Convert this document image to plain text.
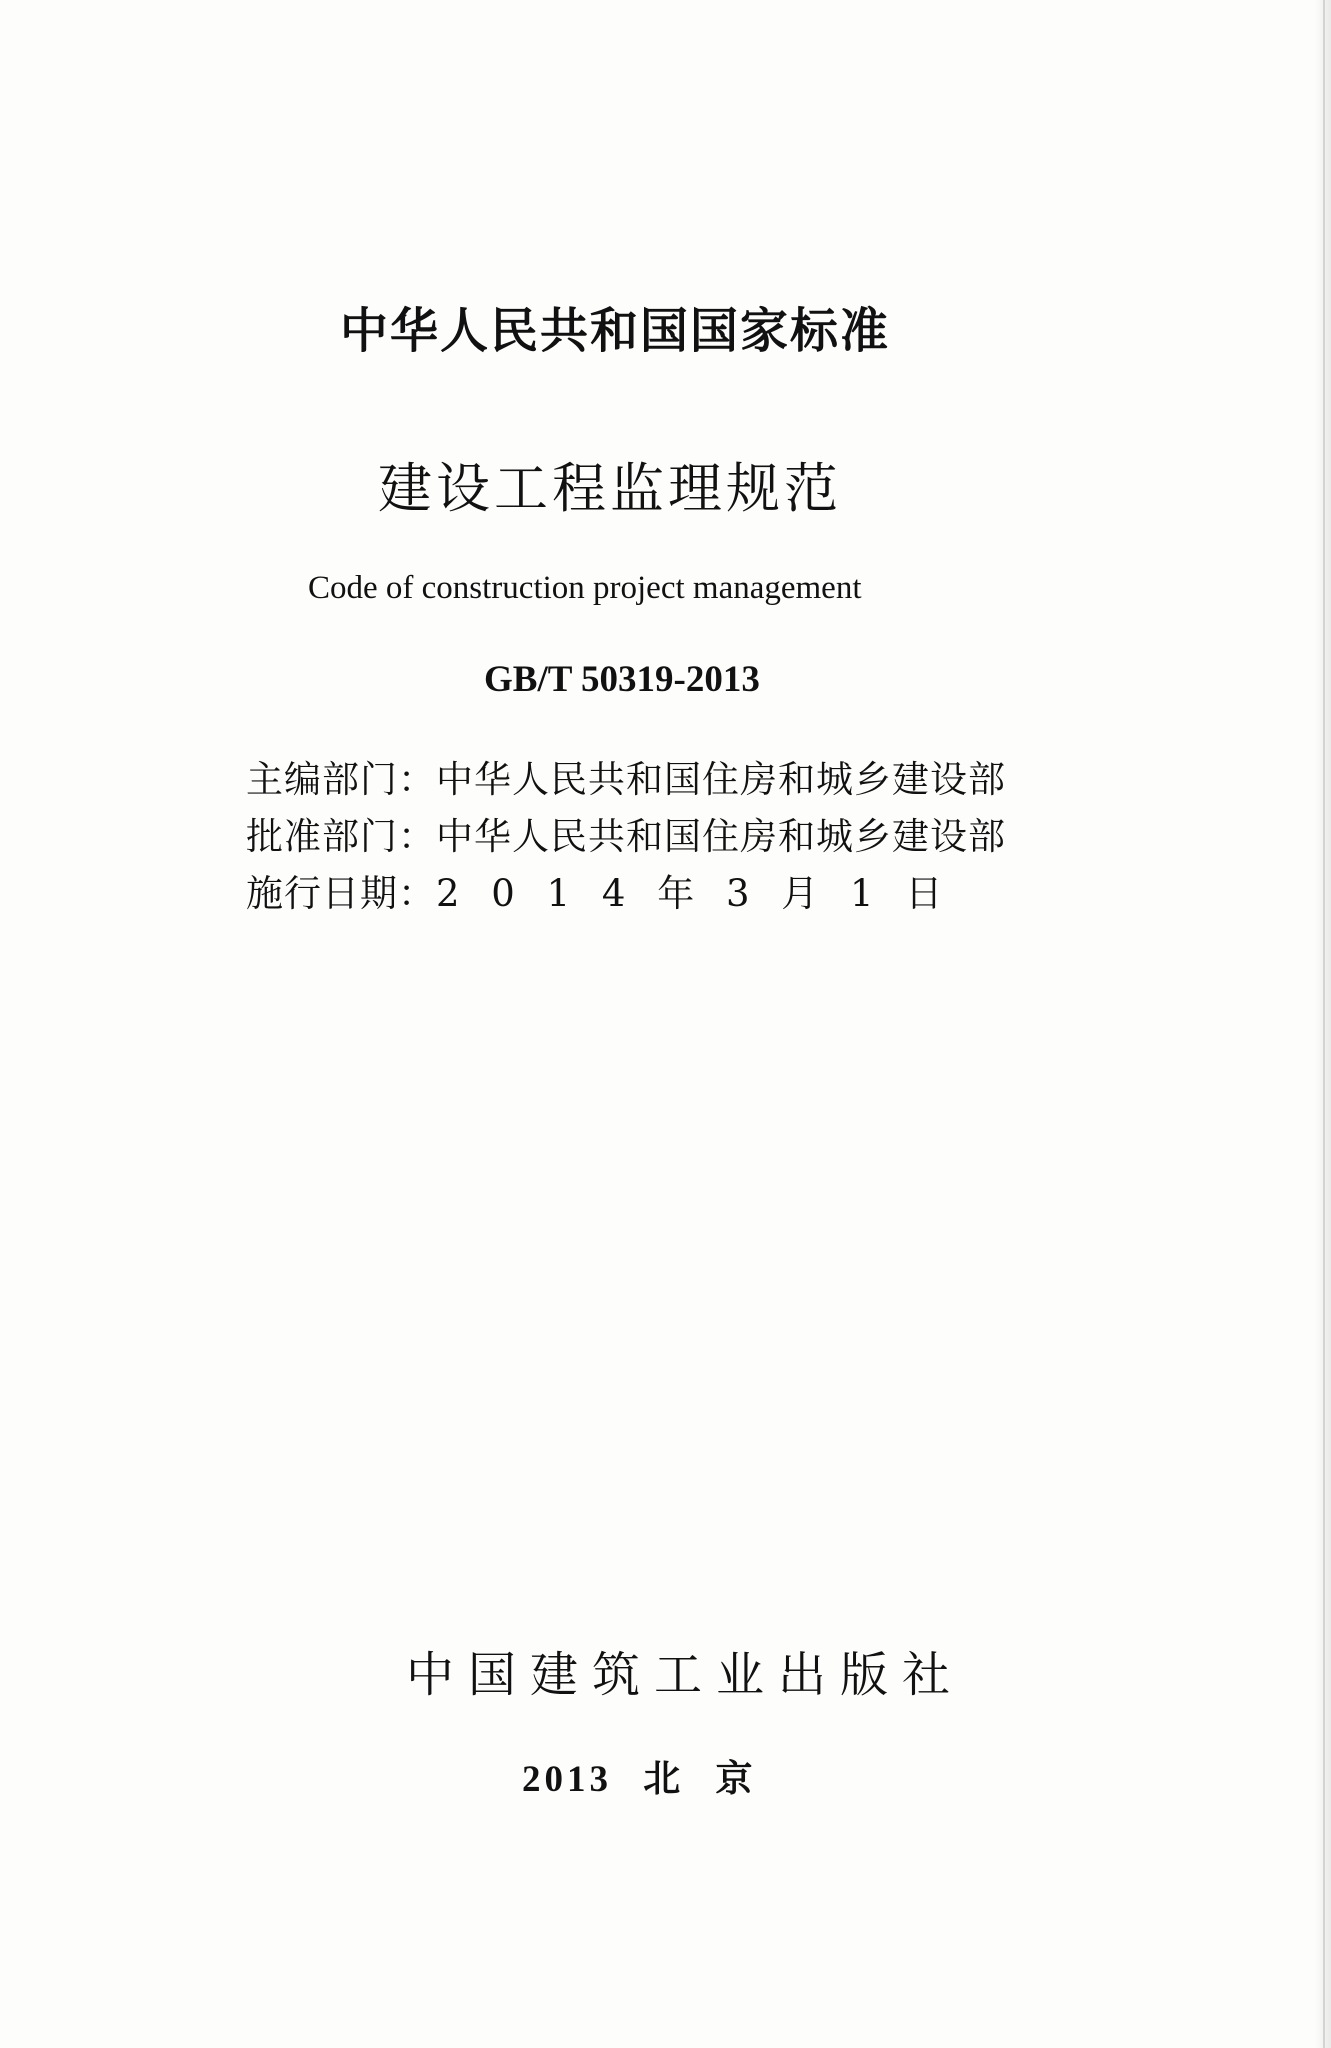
中华人民共和国国家标准
建设工程监理规范
Code of construction project management
GB/T 50319-2013
主编部门：中华人民共和国住房和城乡建设部
批准部门：中华人民共和国住房和城乡建设部
施行日期：2 0 1 4 年 3 月 1 日
中国建筑工业出版社
2013 北 京
